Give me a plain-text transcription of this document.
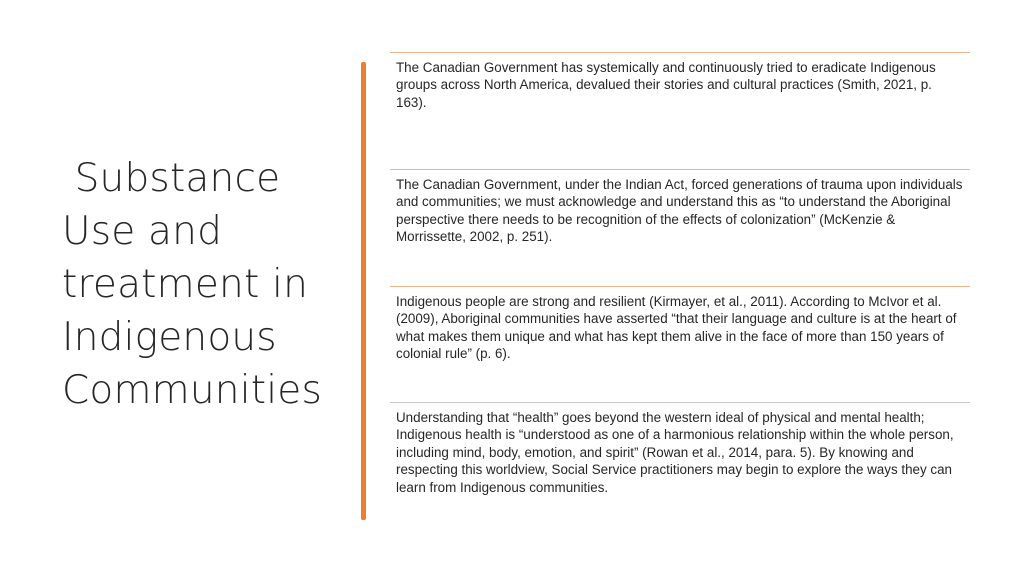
Substance
Use and
treatment in
Indigenous
Communities
The Canadian Government has systemically and continuously tried to eradicate Indigenous groups across North America, devalued their stories and cultural practices (Smith, 2021, p. 163).
The Canadian Government, under the Indian Act, forced generations of trauma upon individuals and communities; we must acknowledge and understand this as “to understand the Aboriginal perspective there needs to be recognition of the effects of colonization” (McKenzie & Morrissette, 2002, p. 251).
Indigenous people are strong and resilient (Kirmayer, et al., 2011). According to McIvor et al. (2009), Aboriginal communities have asserted “that their language and culture is at the heart of what makes them unique and what has kept them alive in the face of more than 150 years of colonial rule” (p. 6).
Understanding that “health” goes beyond the western ideal of physical and mental health; Indigenous health is “understood as one of a harmonious relationship within the whole person, including mind, body, emotion, and spirit” (Rowan et al., 2014, para. 5). By knowing and respecting this worldview, Social Service practitioners may begin to explore the ways they can learn from Indigenous communities.
